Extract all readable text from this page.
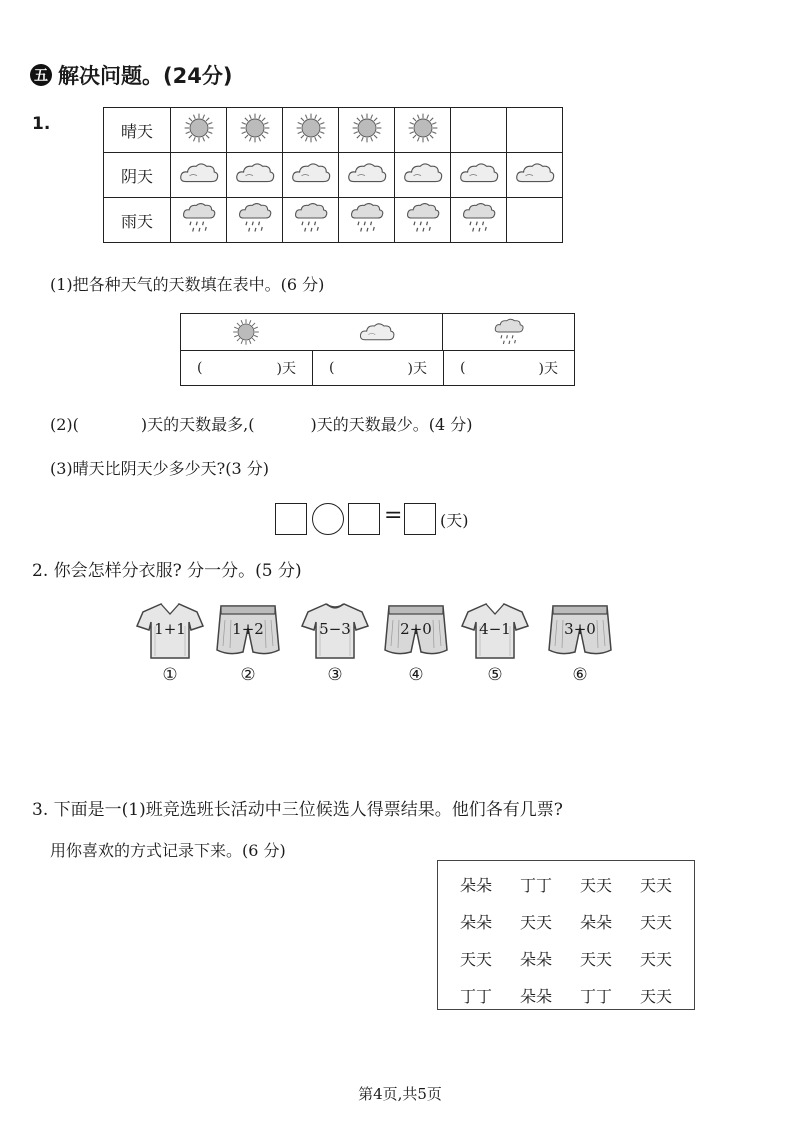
五 解决问题。(24分)
1.	晴天							
阴天							
雨天							
(1)把各种天气的天数填在表中。(6 分)
(	)天 (	)天 (	)天
(2)(	)天的天数最多,(	)天的天数最少。(4 分)
(3)晴天比阴天少多少天?(3 分)
= (天)
2. 你会怎样分衣服? 分一分。(5 分)
1+1
①
1+2
②
5−3
③
2+0
④
4−1
⑤
3+0
⑥
3. 下面是一(1)班竞选班长活动中三位候选人得票结果。他们各有几票?
用你喜欢的方式记录下来。(6 分)
朵朵	丁丁	天天	天天
朵朵	天天	朵朵	天天
天天	朵朵	天天	天天
丁丁	朵朵	丁丁	天天
第4页,共5页
